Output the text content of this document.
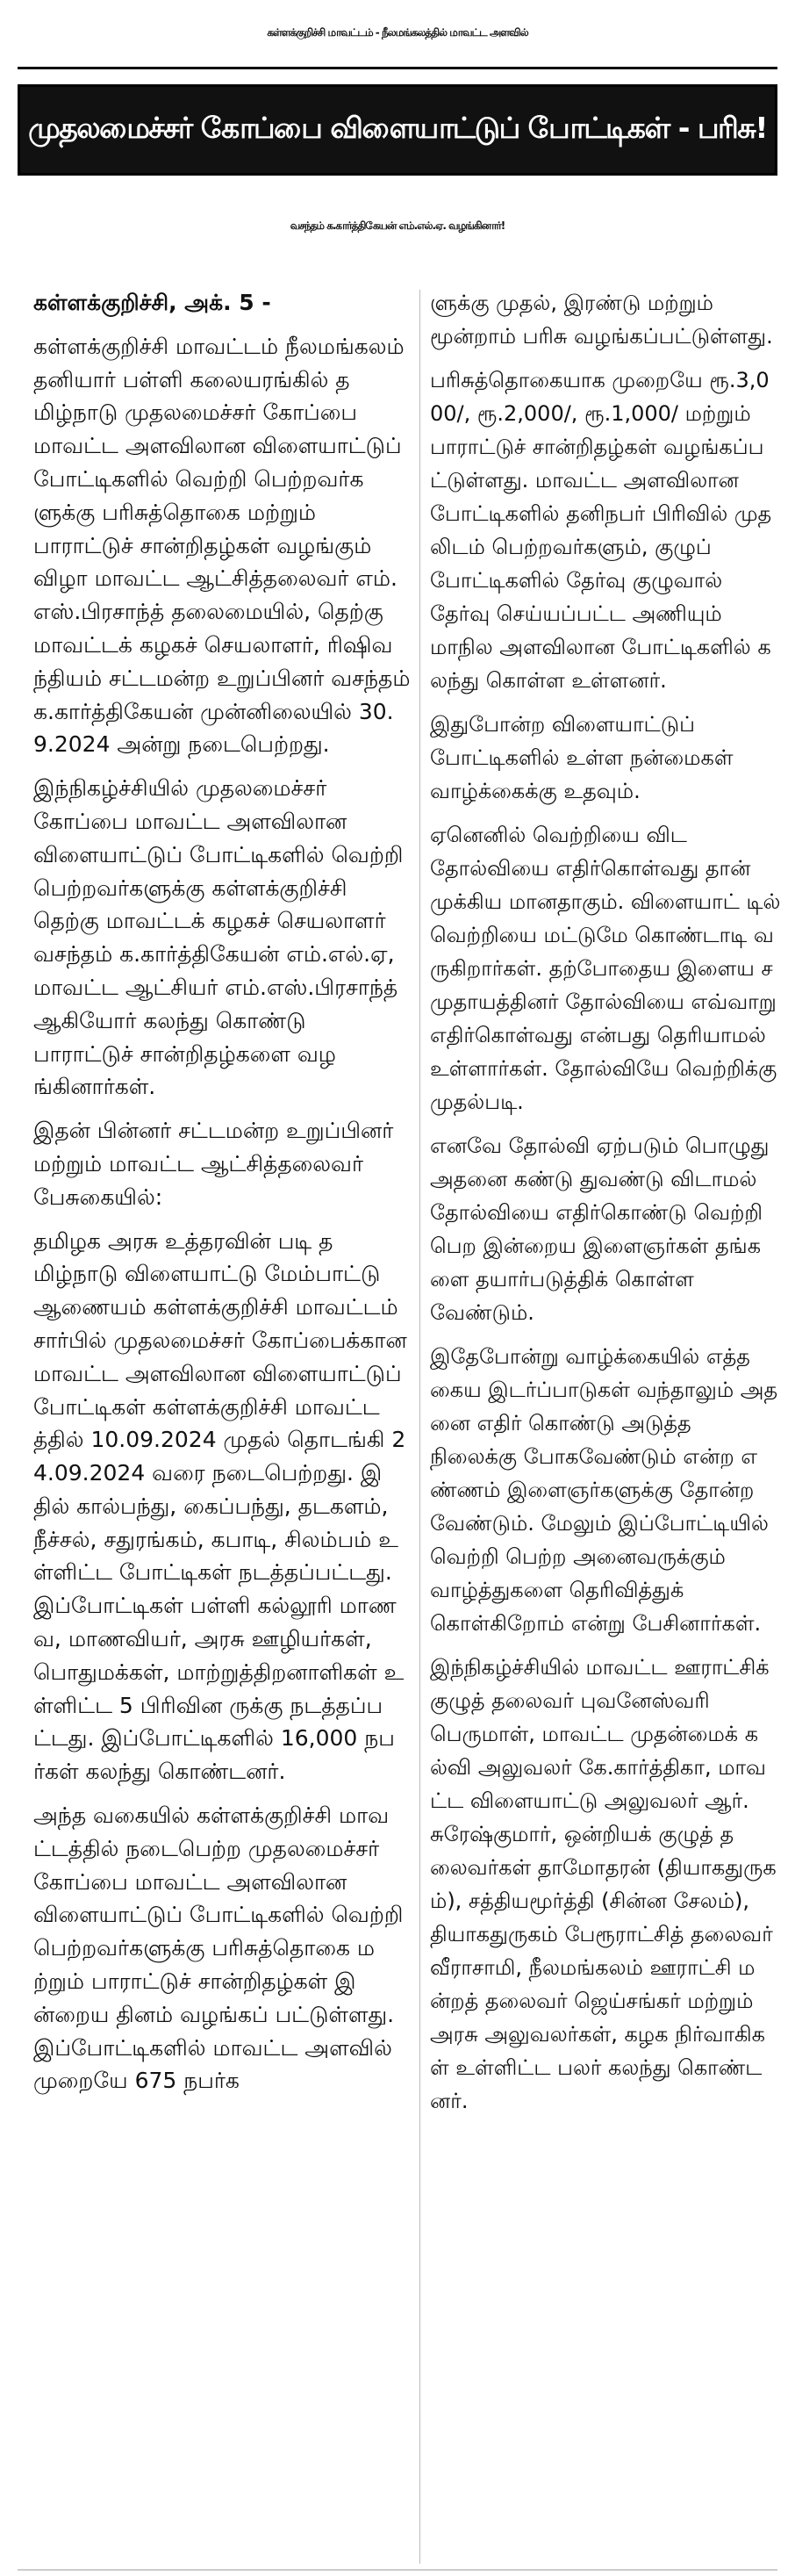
கள்ளக்குறிச்சி மாவட்டம் - நீலமங்கலத்தில் மாவட்ட அளவில்
முதலமைச்சர் கோப்பை விளையாட்டுப் போட்டிகள் - பரிசு!
வசந்தம் க.கார்த்திகேயன் எம்.எல்.ஏ. வழங்கினார்!

கள்ளக்குறிச்சி, அக். 5 -

கள்ளக்குறிச்சி மாவட்டம் நீலமங்கலம் தனியார் பள்ளி கலையரங்கில் தமிழ்நாடு முதலமைச்சர் கோப்பை மாவட்ட அளவிலான விளையாட்டுப் போட்டிகளில் வெற்றி பெற்றவர்களுக்கு பரிசுத்தொகை மற்றும் பாராட்டுச் சான்றிதழ்கள் வழங்கும் விழா மாவட்ட ஆட்சித்தலைவர் எம்.எஸ்.பிரசாந்த் தலைமையில், தெற்கு மாவட்டக் கழகச் செயலாளர், ரிஷிவந்தியம் சட்டமன்ற உறுப்பினர் வசந்தம் க.கார்த்திகேயன் முன்னிலையில் 30.9.2024 அன்று நடைபெற்றது.

இந்நிகழ்ச்சியில் முதலமைச்சர் கோப்பை மாவட்ட அளவிலான விளையாட்டுப் போட்டிகளில் வெற்றி பெற்றவர்களுக்கு கள்ளக்குறிச்சி தெற்கு மாவட்டக் கழகச் செயலாளர் வசந்தம் க.கார்த்திகேயன் எம்.எல்.ஏ, மாவட்ட ஆட்சியர் எம்.எஸ்.பிரசாந்த் ஆகியோர் கலந்து கொண்டு பாராட்டுச் சான்றிதழ்களை வழங்கினார்கள்.

இதன் பின்னர் சட்டமன்ற உறுப்பினர் மற்றும் மாவட்ட ஆட்சித்தலைவர் பேசுகையில்:

தமிழக அரசு உத்தரவின் படி தமிழ்நாடு விளையாட்டு மேம்பாட்டு ஆணையம் கள்ளக்குறிச்சி மாவட்டம் சார்பில் முதலமைச்சர் கோப்பைக்கான மாவட்ட அளவிலான விளையாட்டுப் போட்டிகள் கள்ளக்குறிச்சி மாவட்டத்தில் 10.09.2024 முதல் தொடங்கி 24.09.2024 வரை நடைபெற்றது. இதில் கால்பந்து, கைப்பந்து, தடகளம், நீச்சல், சதுரங்கம், கபாடி, சிலம்பம் உள்ளிட்ட போட்டிகள் நடத்தப்பட்டது. இப்போட்டிகள் பள்ளி கல்லூரி மாணவ, மாணவியர், அரசு ஊழியர்கள், பொதுமக்கள், மாற்றுத்திறனாளிகள் உள்ளிட்ட 5 பிரிவின ருக்கு நடத்தப்பட்டது. இப்போட்டிகளில் 16,000 நபர்கள் கலந்து கொண்டனர்.

அந்த வகையில் கள்ளக்குறிச்சி மாவட்டத்தில் நடைபெற்ற முதலமைச்சர் கோப்பை மாவட்ட அளவிலான விளையாட்டுப் போட்டிகளில் வெற்றி பெற்றவர்களுக்கு பரிசுத்தொகை மற்றும் பாராட்டுச் சான்றிதழ்கள் இன்றைய தினம் வழங்கப் பட்டுள்ளது. இப்போட்டிகளில் மாவட்ட அளவில் முறையே 675 நபர்க

ளுக்கு முதல், இரண்டு மற்றும் மூன்றாம் பரிசு வழங்கப்பட்டுள்ளது.

பரிசுத்தொகையாக முறையே ரூ.3,000/, ரூ.2,000/, ரூ.1,000/ மற்றும் பாராட்டுச் சான்றிதழ்கள் வழங்கப்பட்டுள்ளது. மாவட்ட அளவிலான போட்டிகளில் தனிநபர் பிரிவில் முதலிடம் பெற்றவர்களும், குழுப் போட்டிகளில் தேர்வு குழுவால் தேர்வு செய்யப்பட்ட அணியும் மாநில அளவிலான போட்டிகளில் கலந்து கொள்ள உள்ளனர்.

இதுபோன்ற விளையாட்டுப் போட்டிகளில் உள்ள நன்மைகள் வாழ்க்கைக்கு உதவும்.

ஏனெனில் வெற்றியை விட தோல்வியை எதிர்கொள்வது தான் முக்கிய மானதாகும். விளையாட் டில் வெற்றியை மட்டுமே கொண்டாடி வருகிறார்கள். தற்போதைய இளைய சமுதாயத்தினர் தோல்வியை எவ்வாறு எதிர்கொள்வது என்பது தெரியாமல் உள்ளார்கள். தோல்வியே வெற்றிக்கு முதல்படி.

எனவே தோல்வி ஏற்படும் பொழுது அதனை கண்டு துவண்டு விடாமல் தோல்வியை எதிர்கொண்டு வெற்றி பெற இன்றைய இளைஞர்கள் தங்களை தயார்படுத்திக் கொள்ள வேண்டும்.

இதேபோன்று வாழ்க்கையில் எத்தகைய இடர்ப்பாடுகள் வந்தாலும் அதனை எதிர் கொண்டு அடுத்த நிலைக்கு போகவேண்டும் என்ற எண்ணம் இளைஞர்களுக்கு தோன்ற வேண்டும். மேலும் இப்போட்டியில் வெற்றி பெற்ற அனைவருக்கும் வாழ்த்துகளை தெரிவித்துக் கொள்கிறோம் என்று பேசினார்கள்.

இந்நிகழ்ச்சியில் மாவட்ட ஊராட்சிக் குழுத் தலைவர் புவனேஸ்வரி பெருமாள், மாவட்ட முதன்மைக் கல்வி அலுவலர் கே.கார்த்திகா, மாவட்ட விளையாட்டு அலுவலர் ஆர்.சுரேஷ்குமார், ஒன்றியக் குழுத் தலைவர்கள் தாமோதரன் (தியாகதுருகம்), சத்தியமூர்த்தி (சின்ன சேலம்), தியாகதுருகம் பேரூராட்சித் தலைவர் வீராசாமி, நீலமங்கலம் ஊராட்சி மன்றத் தலைவர் ஜெய்சங்கர் மற்றும் அரசு அலுவலர்கள், கழக நிர்வாகிகள் உள்ளிட்ட பலர் கலந்து கொண்டனர்.
